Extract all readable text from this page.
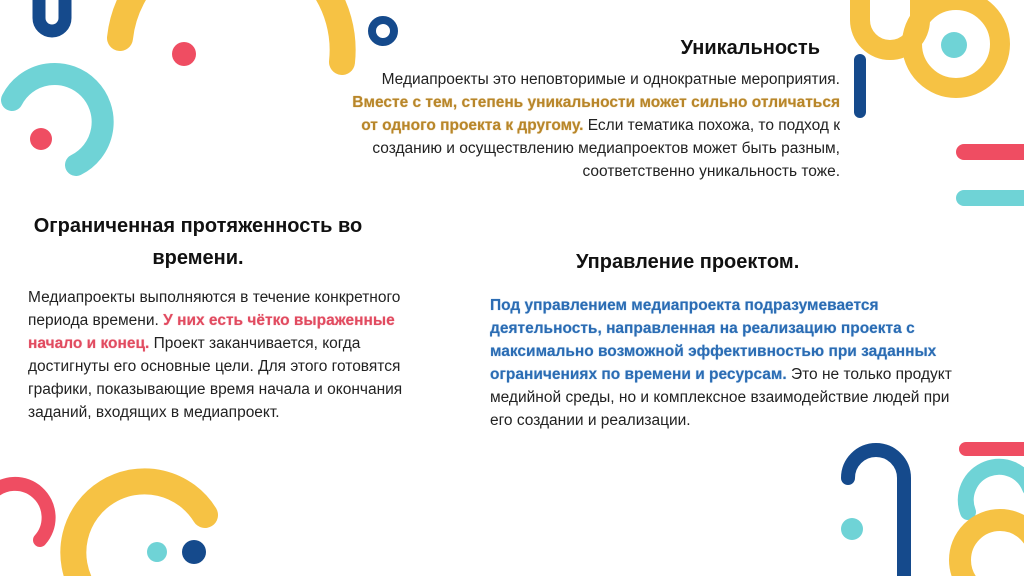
Уникальность

Медиапроекты это неповторимые и однократные мероприятия. Вместе с тем, степень уникальности может сильно отличаться от одного проекта к другому. Если тематика похожа, то подход к созданию и осуществлению медиапроектов может быть разным, соответственно уникальность тоже.

Ограниченная протяженность во времени.

Медиапроекты выполняются в течение конкретного периода времени. У них есть чётко выраженные начало и конец. Проект заканчивается, когда достигнуты его основные цели. Для этого готовятся графики, показывающие время начала и окончания заданий, входящих в медиапроект.

Управление проектом.

Под управлением медиапроекта подразумевается деятельность, направленная на реализацию проекта с максимально возможной эффективностью при заданных ограничениях по времени и ресурсам. Это не только продукт медийной среды, но и комплексное взаимодействие людей при его создании и реализации.
